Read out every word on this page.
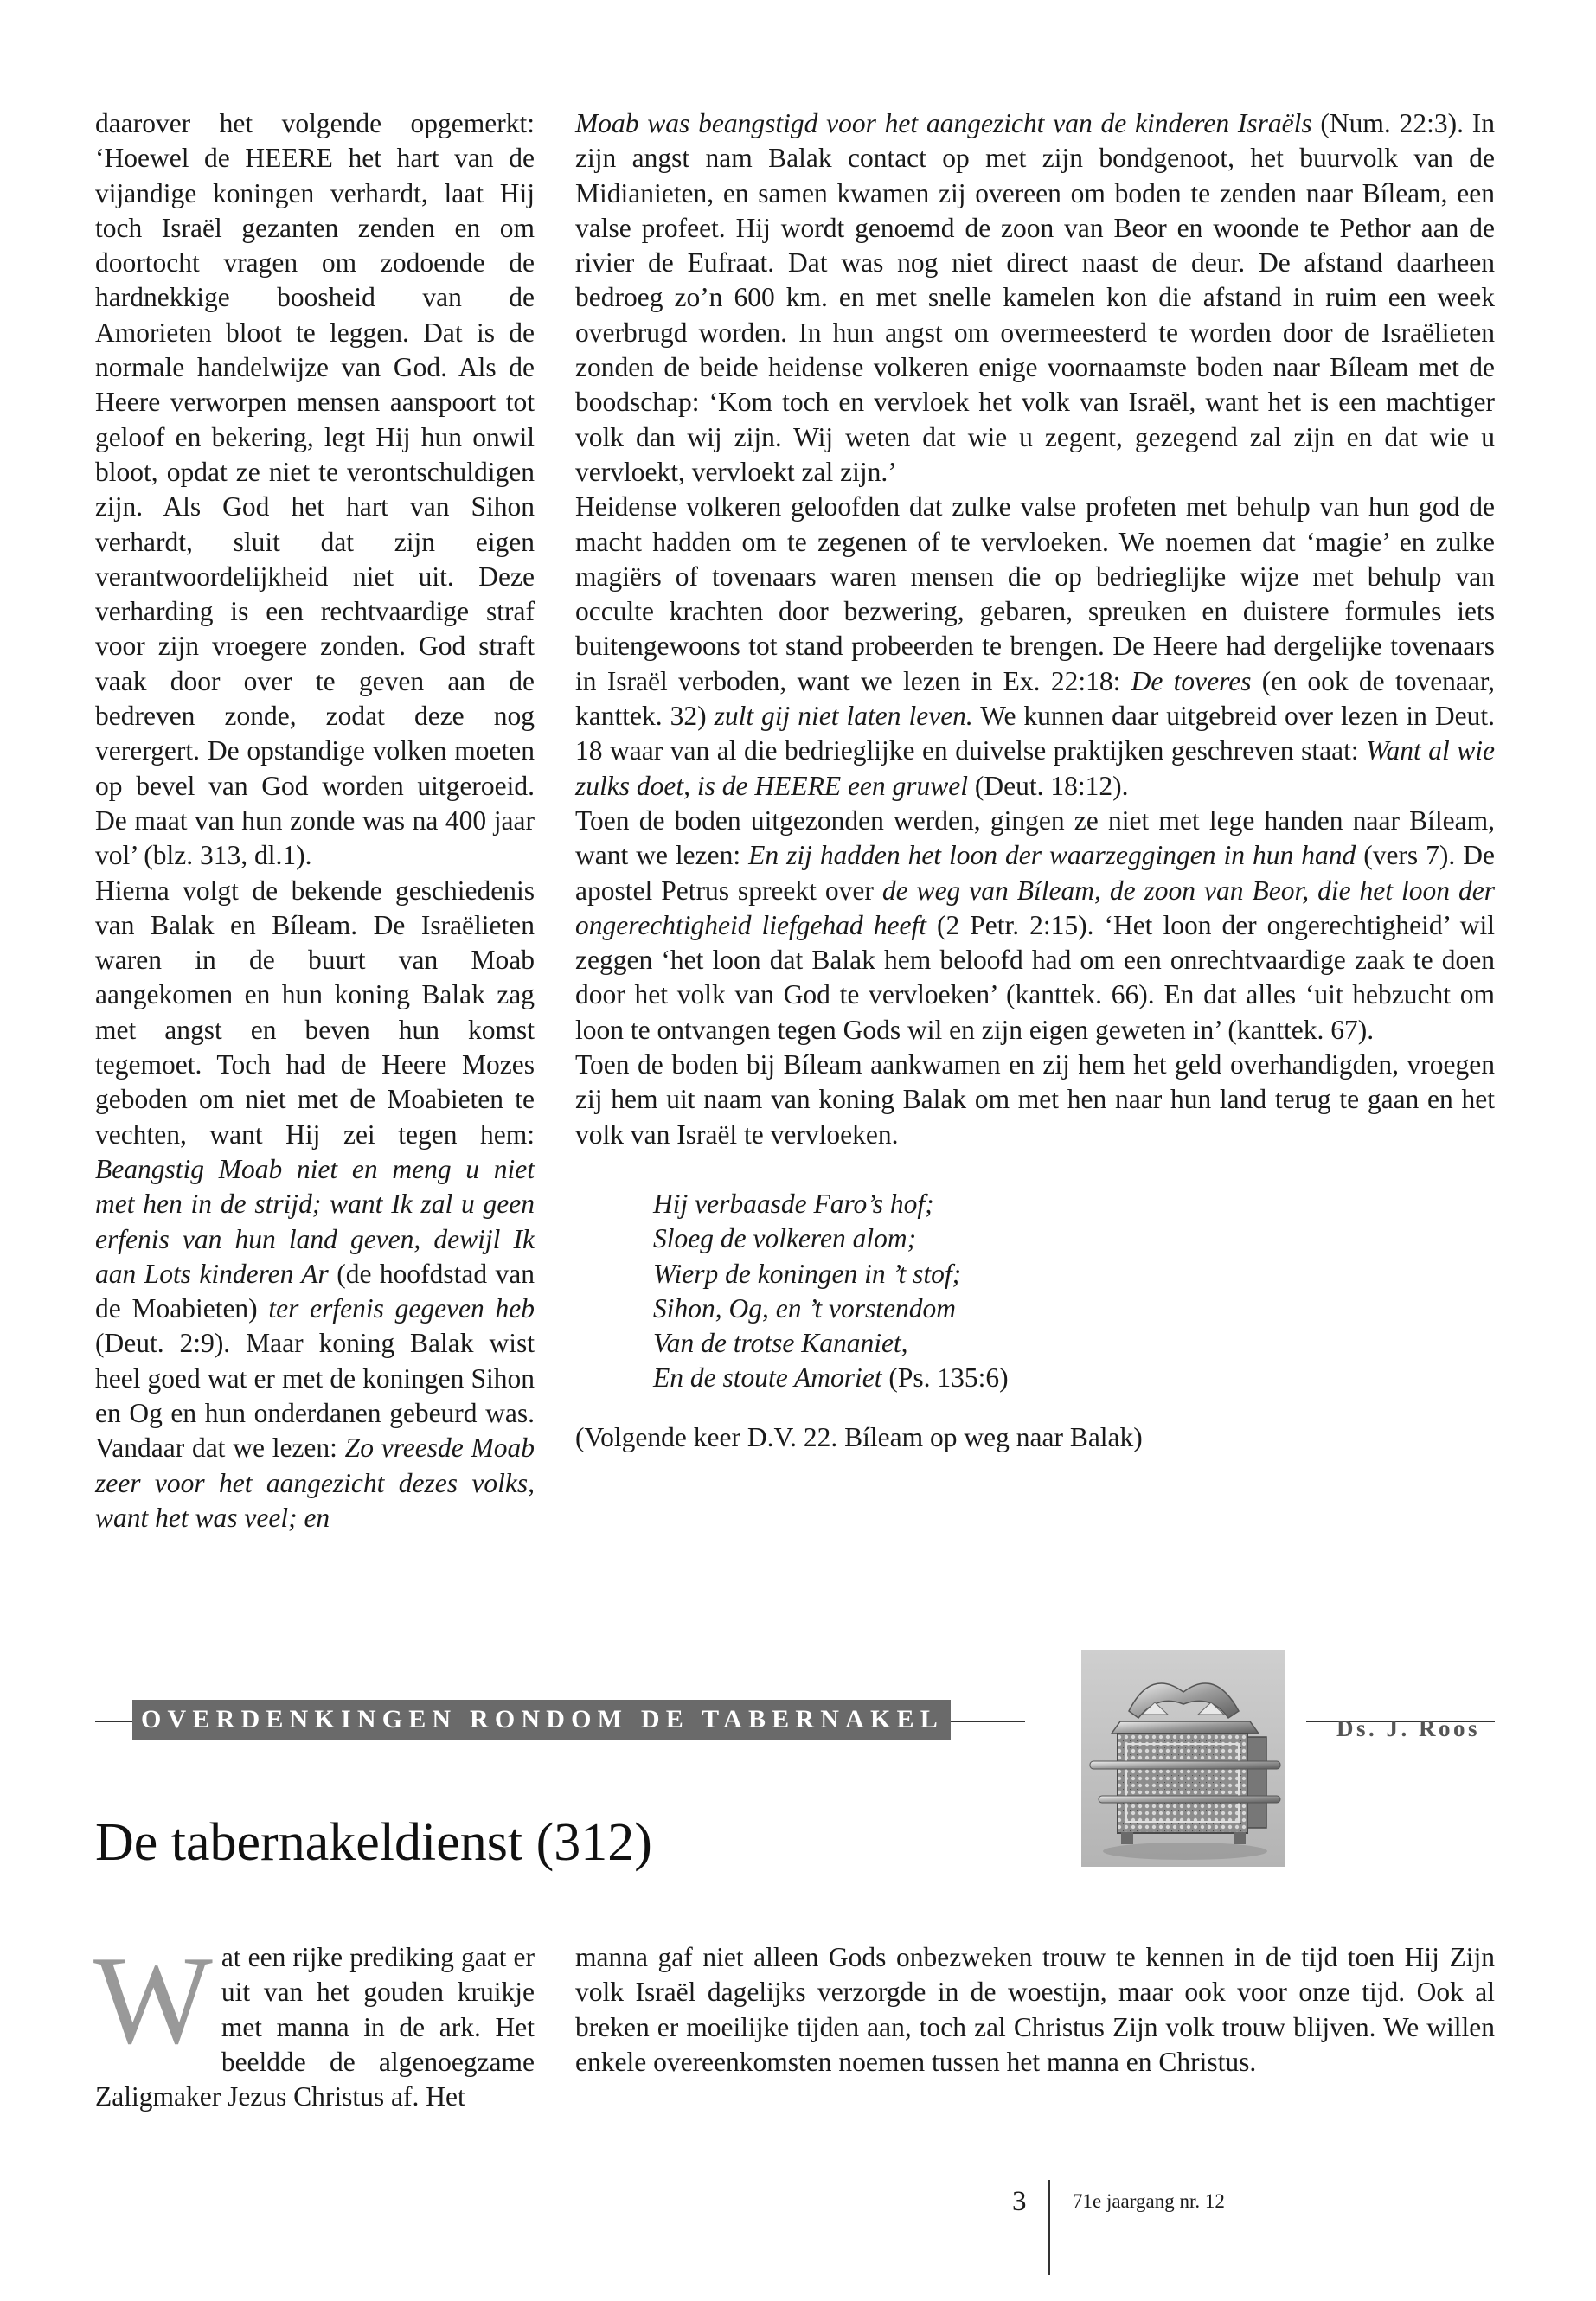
daarover het volgende opgemerkt: ‘Hoewel de HEERE het hart van de vijandige koningen verhardt, laat Hij toch Israël gezanten zenden en om doortocht vragen om zodoende de hardnekkige boosheid van de Amorieten bloot te leggen. Dat is de normale handelwijze van God. Als de Heere verworpen mensen aanspoort tot geloof en bekering, legt Hij hun onwil bloot, opdat ze niet te verontschuldigen zijn. Als God het hart van Sihon verhardt, sluit dat zijn eigen verantwoordelijkheid niet uit. Deze verharding is een rechtvaardige straf voor zijn vroegere zonden. God straft vaak door over te geven aan de bedreven zonde, zodat deze nog verergert. De opstandige volken moeten op bevel van God worden uitgeroeid. De maat van hun zonde was na 400 jaar vol’ (blz. 313, dl.1).

Hierna volgt de bekende geschiedenis van Balak en Bíleam. De Israëlieten waren in de buurt van Moab aangekomen en hun koning Balak zag met angst en beven hun komst tegemoet. Toch had de Heere Mozes geboden om niet met de Moabieten te vechten, want Hij zei tegen hem: Beangstig Moab niet en meng u niet met hen in de strijd; want Ik zal u geen erfenis van hun land geven, dewijl Ik aan Lots kinderen Ar (de hoofdstad van de Moabieten) ter erfenis gegeven heb (Deut. 2:9). Maar koning Balak wist heel goed wat er met de koningen Sihon en Og en hun onderdanen gebeurd was. Vandaar dat we lezen: Zo vreesde Moab zeer voor het aangezicht dezes volks, want het was veel; en

Moab was beangstigd voor het aangezicht van de kinderen Israëls (Num. 22:3). In zijn angst nam Balak contact op met zijn bondgenoot, het buurvolk van de Midianieten, en samen kwamen zij overeen om boden te zenden naar Bíleam, een valse profeet. Hij wordt genoemd de zoon van Beor en woonde te Pethor aan de rivier de Eufraat. Dat was nog niet direct naast de deur. De afstand daarheen bedroeg zo’n 600 km. en met snelle kamelen kon die afstand in ruim een week overbrugd worden. In hun angst om overmeesterd te worden door de Israëlieten zonden de beide heidense volkeren enige voornaamste boden naar Bíleam met de boodschap: ‘Kom toch en vervloek het volk van Israël, want het is een machtiger volk dan wij zijn. Wij weten dat wie u zegent, gezegend zal zijn en dat wie u vervloekt, vervloekt zal zijn.’

Heidense volkeren geloofden dat zulke valse profeten met behulp van hun god de macht hadden om te zegenen of te vervloeken. We noemen dat ‘magie’ en zulke magiërs of tovenaars waren mensen die op bedrieglijke wijze met behulp van occulte krachten door bezwering, gebaren, spreuken en duistere formules iets buitengewoons tot stand probeerden te brengen. De Heere had dergelijke tovenaars in Israël verboden, want we lezen in Ex. 22:18: De toveres (en ook de tovenaar, kanttek. 32) zult gij niet laten leven. We kunnen daar uitgebreid over lezen in Deut. 18 waar van al die bedrieglijke en duivelse praktijken geschreven staat: Want al wie zulks doet, is de HEERE een gruwel (Deut. 18:12).

Toen de boden uitgezonden werden, gingen ze niet met lege handen naar Bíleam, want we lezen: En zij hadden het loon der waarzeggingen in hun hand (vers 7). De apostel Petrus spreekt over de weg van Bíleam, de zoon van Beor, die het loon der ongerechtigheid liefgehad heeft (2 Petr. 2:15). ‘Het loon der ongerechtigheid’ wil zeggen ‘het loon dat Balak hem beloofd had om een onrechtvaardige zaak te doen door het volk van God te vervloeken’ (kanttek. 66). En dat alles ‘uit hebzucht om loon te ontvangen tegen Gods wil en zijn eigen geweten in’ (kanttek. 67).

Toen de boden bij Bíleam aankwamen en zij hem het geld overhandigden, vroegen zij hem uit naam van koning Balak om met hen naar hun land terug te gaan en het volk van Israël te vervloeken.

Hij verbaasde Faro’s hof;
Sloeg de volkeren alom;
Wierp de koningen in ’t stof;
Sihon, Og, en ’t vorstendom
Van de trotse Kananiet,
En de stoute Amoriet (Ps. 135:6)

(Volgende keer D.V. 22. Bíleam op weg naar Balak)

OVERDENKINGEN RONDOM DE TABERNAKEL	Ds. J. Roos
De tabernakeldienst (312)
W at een rijke prediking gaat er uit van het gouden kruikje met manna in de ark. Het beeldde de algenoegzame Zaligmaker Jezus Christus af. Het
manna gaf niet alleen Gods onbezweken trouw te kennen in de tijd toen Hij Zijn volk Israël dagelijks verzorgde in de woestijn, maar ook voor onze tijd. Ook al breken er moeilijke tijden aan, toch zal Christus Zijn volk trouw blijven. We willen enkele overeenkomsten noemen tussen het manna en Christus.
3 71e jaargang nr. 12
